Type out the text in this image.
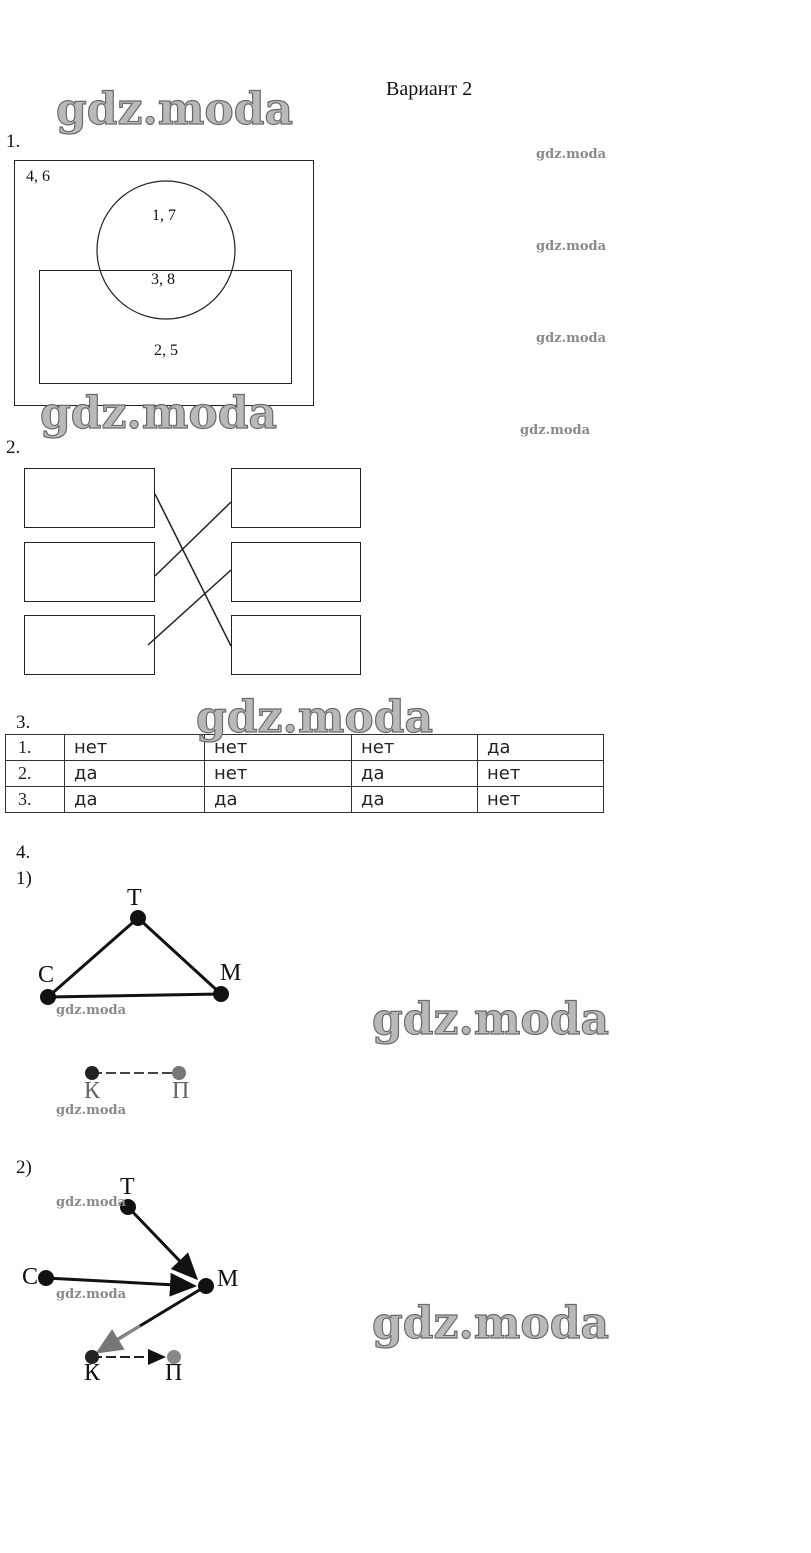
Вариант 2
1.
4, 6
1, 7
3, 8
2, 5
2.
3.
1.	нет	нет	нет	да
2.	да	нет	да	нет
3.	да	да	да	нет
4.
1)
Т
С	М
К	П
2)
Т
С	М
К	П
gdz.moda
gdz.moda
gdz.moda
gdz.moda
gdz.moda
gdz.moda
gdz.moda
gdz.moda
gdz.moda
gdz.moda
gdz.moda
gdz.moda
gdz.moda
